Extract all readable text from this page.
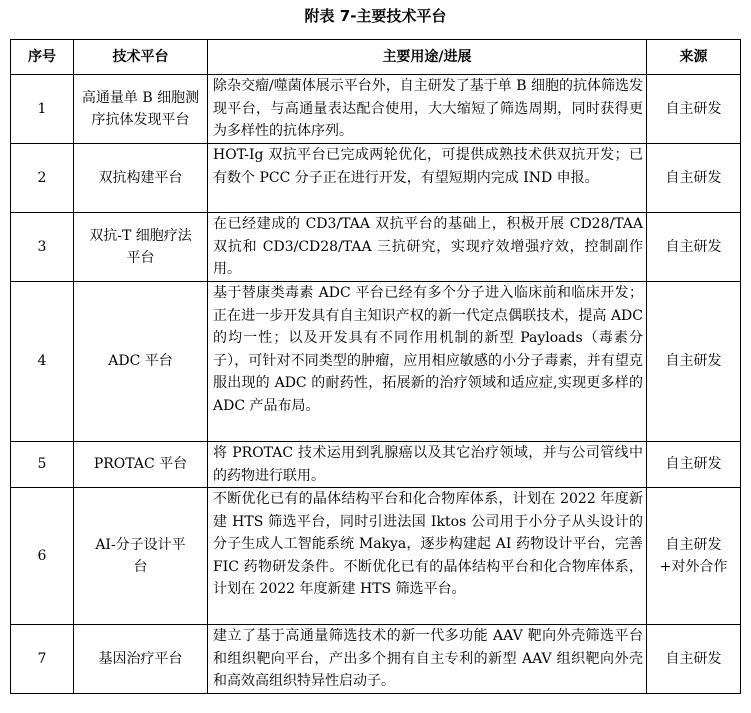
附表 7-主要技术平台
序号	技术平台	主要用途/进展	来源
1	高通量单 B 细胞测序抗体发现平台	除杂交瘤/噬菌体展示平台外，自主研发了基于单 B 细胞的抗体筛选发现平台，与高通量表达配合使用，大大缩短了筛选周期，同时获得更为多样性的抗体序列。	自主研发
2	双抗构建平台	HOT-Ig 双抗平台已完成两轮优化，可提供成熟技术供双抗开发；已有数个 PCC 分子正在进行开发，有望短期内完成 IND 申报。	自主研发
3	双抗-T 细胞疗法平台	在已经建成的 CD3/TAA 双抗平台的基础上，积极开展 CD28/TAA 双抗和 CD3/CD28/TAA 三抗研究，实现疗效增强疗效，控制副作用。	自主研发
4	ADC 平台	基于替康类毒素 ADC 平台已经有多个分子进入临床前和临床开发；正在进一步开发具有自主知识产权的新一代定点偶联技术，提高 ADC 的均一性；以及开发具有不同作用机制的新型 Payloads（毒素分子），可针对不同类型的肿瘤，应用相应敏感的小分子毒素，并有望克服出现的 ADC 的耐药性，拓展新的治疗领域和适应症,实现更多样的 ADC 产品布局。	自主研发
5	PROTAC 平台	将 PROTAC 技术运用到乳腺癌以及其它治疗领域，并与公司管线中的药物进行联用。	自主研发
6	AI-分子设计平台	不断优化已有的晶体结构平台和化合物库体系，计划在 2022 年度新建 HTS 筛选平台，同时引进法国 Iktos 公司用于小分子从头设计的分子生成人工智能系统 Makya，逐步构建起 AI 药物设计平台，完善 FIC 药物研发条件。不断优化已有的晶体结构平台和化合物库体系，计划在 2022 年度新建 HTS 筛选平台。	自主研发+对外合作
7	基因治疗平台	建立了基于高通量筛选技术的新一代多功能 AAV 靶向外壳筛选平台和组织靶向平台，产出多个拥有自主专利的新型 AAV 组织靶向外壳和高效高组织特异性启动子。	自主研发
